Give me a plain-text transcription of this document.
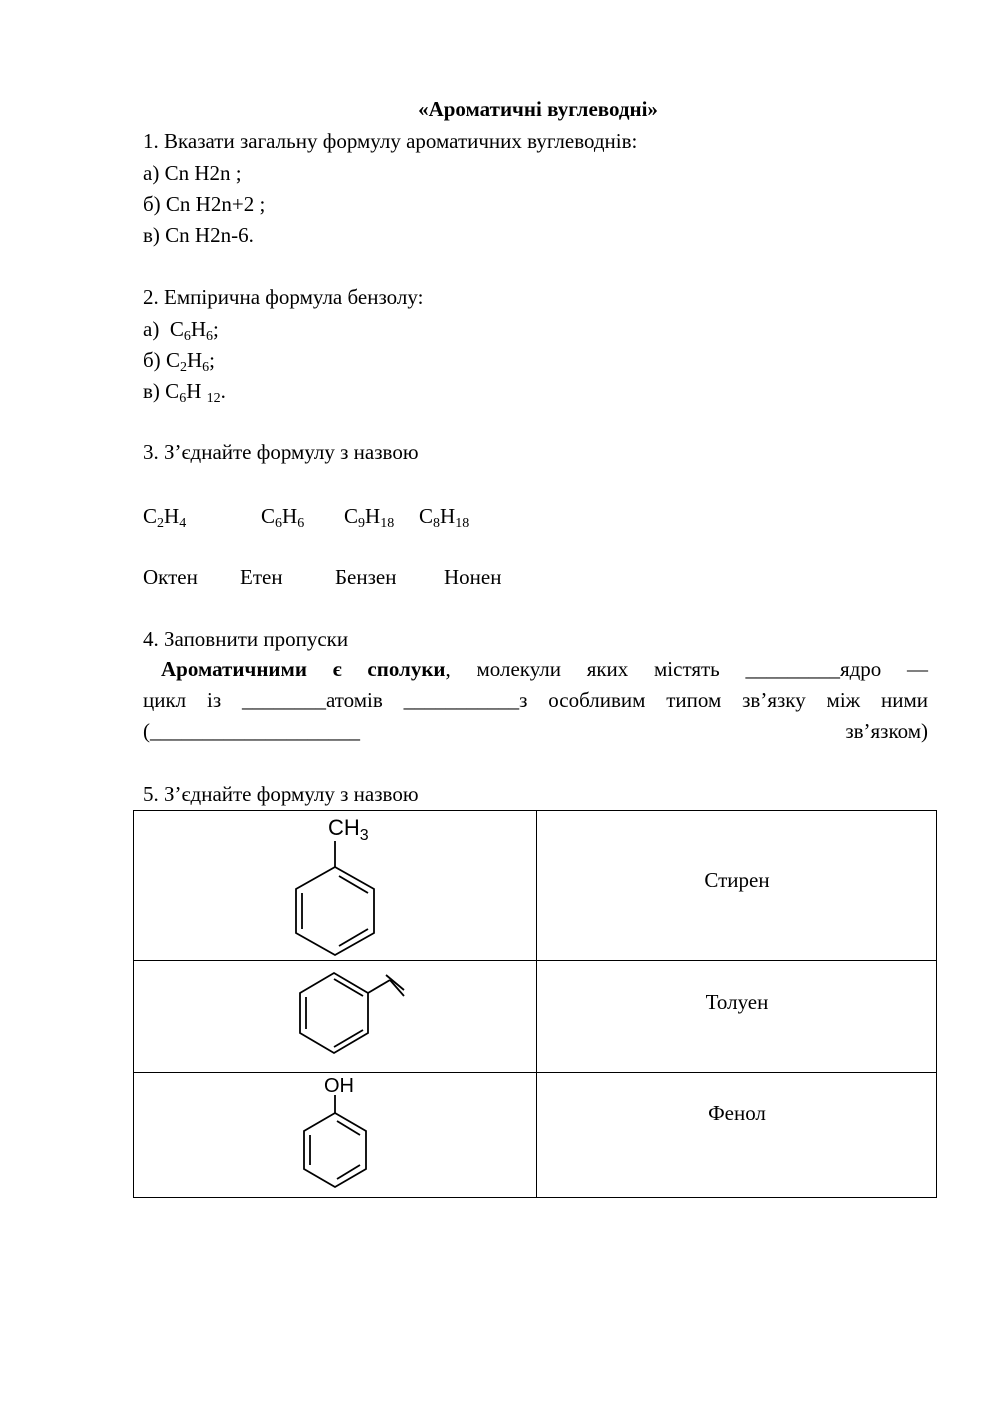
«Ароматичні вуглеводні»
1. Вказати загальну формулу ароматичних вуглеводнів:
а) Cn H2n ;
б) Cn H2n+2 ;
в) Cn H2n-6.
2. Емпірична формула бензолу:
а)  $C_6H_6$;
б) $C_2H_6$;
в) $C_6H$ $_{12}$.
3. З’єднайте формулу з назвою
$C_2H_4$	$C_6H_6$ $C_9H_{18}$ $C_8H_{18}$
Октен Етен Бензен Нонен
4. Заповнити пропуски
Ароматичними є сполуки, молекули яких містять _________ядро —
цикл із ________атомів ___________з особливим типом зв’язку між ними
(____________________ зв’язком)
5. З’єднайте формулу з назвою
$CH_3$
Стирен
Толуен
OH
Фенол
